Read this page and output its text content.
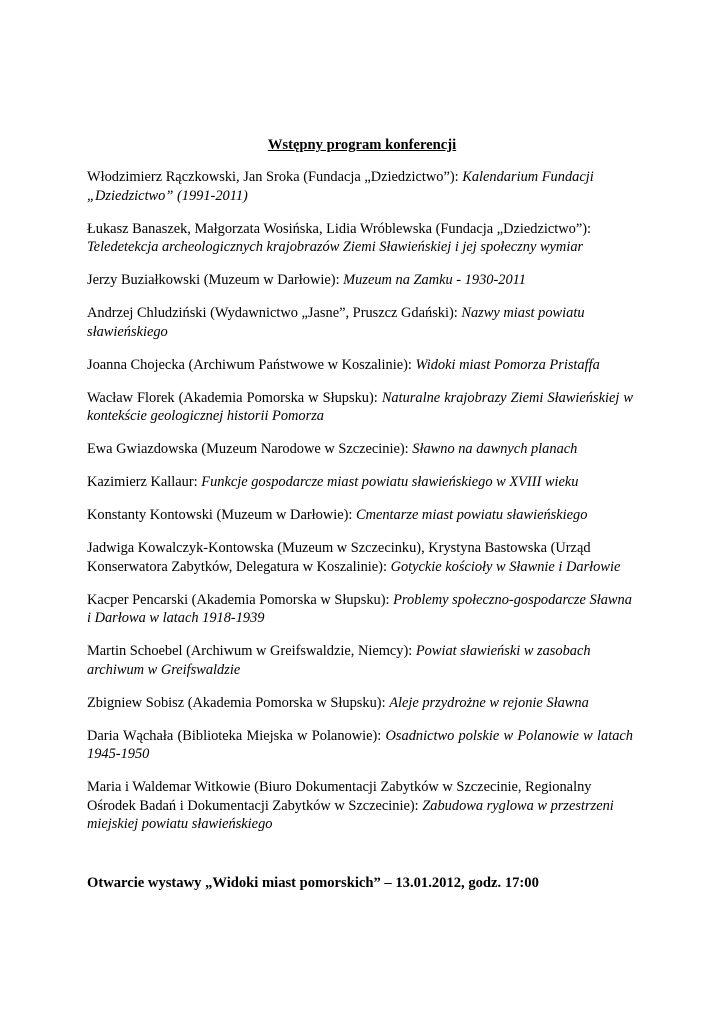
Wstępny program konferencji

Włodzimierz Rączkowski, Jan Sroka (Fundacja „Dziedzictwo”): Kalendarium Fundacji „Dziedzictwo” (1991-2011)

Łukasz Banaszek, Małgorzata Wosińska, Lidia Wróblewska (Fundacja „Dziedzictwo”): Teledetekcja archeologicznych krajobrazów Ziemi Sławieńskiej i jej społeczny wymiar

Jerzy Buziałkowski (Muzeum w Darłowie): Muzeum na Zamku - 1930-2011

Andrzej Chludziński (Wydawnictwo „Jasne”, Pruszcz Gdański): Nazwy miast powiatu sławieńskiego

Joanna Chojecka (Archiwum Państwowe w Koszalinie): Widoki miast Pomorza Pristaffa

Wacław Florek (Akademia Pomorska w Słupsku): Naturalne krajobrazy Ziemi Sławieńskiej w kontekście geologicznej historii Pomorza

Ewa Gwiazdowska (Muzeum Narodowe w Szczecinie): Sławno na dawnych planach

Kazimierz Kallaur: Funkcje gospodarcze miast powiatu sławieńskiego w XVIII wieku

Konstanty Kontowski (Muzeum w Darłowie): Cmentarze miast powiatu sławieńskiego

Jadwiga Kowalczyk-Kontowska (Muzeum w Szczecinku), Krystyna Bastowska (Urząd Konserwatora Zabytków, Delegatura w Koszalinie): Gotyckie kościoły w Sławnie i Darłowie

Kacper Pencarski (Akademia Pomorska w Słupsku): Problemy społeczno-gospodarcze Sławna i Darłowa w latach 1918-1939

Martin Schoebel (Archiwum w Greifswaldzie, Niemcy): Powiat sławieński w zasobach archiwum w Greifswaldzie

Zbigniew Sobisz (Akademia Pomorska w Słupsku): Aleje przydrożne w rejonie Sławna

Daria Wąchała (Biblioteka Miejska w Polanowie): Osadnictwo polskie w Polanowie w latach 1945-1950

Maria i Waldemar Witkowie (Biuro Dokumentacji Zabytków w Szczecinie, Regionalny Ośrodek Badań i Dokumentacji Zabytków w Szczecinie): Zabudowa ryglowa w przestrzeni miejskiej powiatu sławieńskiego

Otwarcie wystawy „Widoki miast pomorskich” – 13.01.2012, godz. 17:00
